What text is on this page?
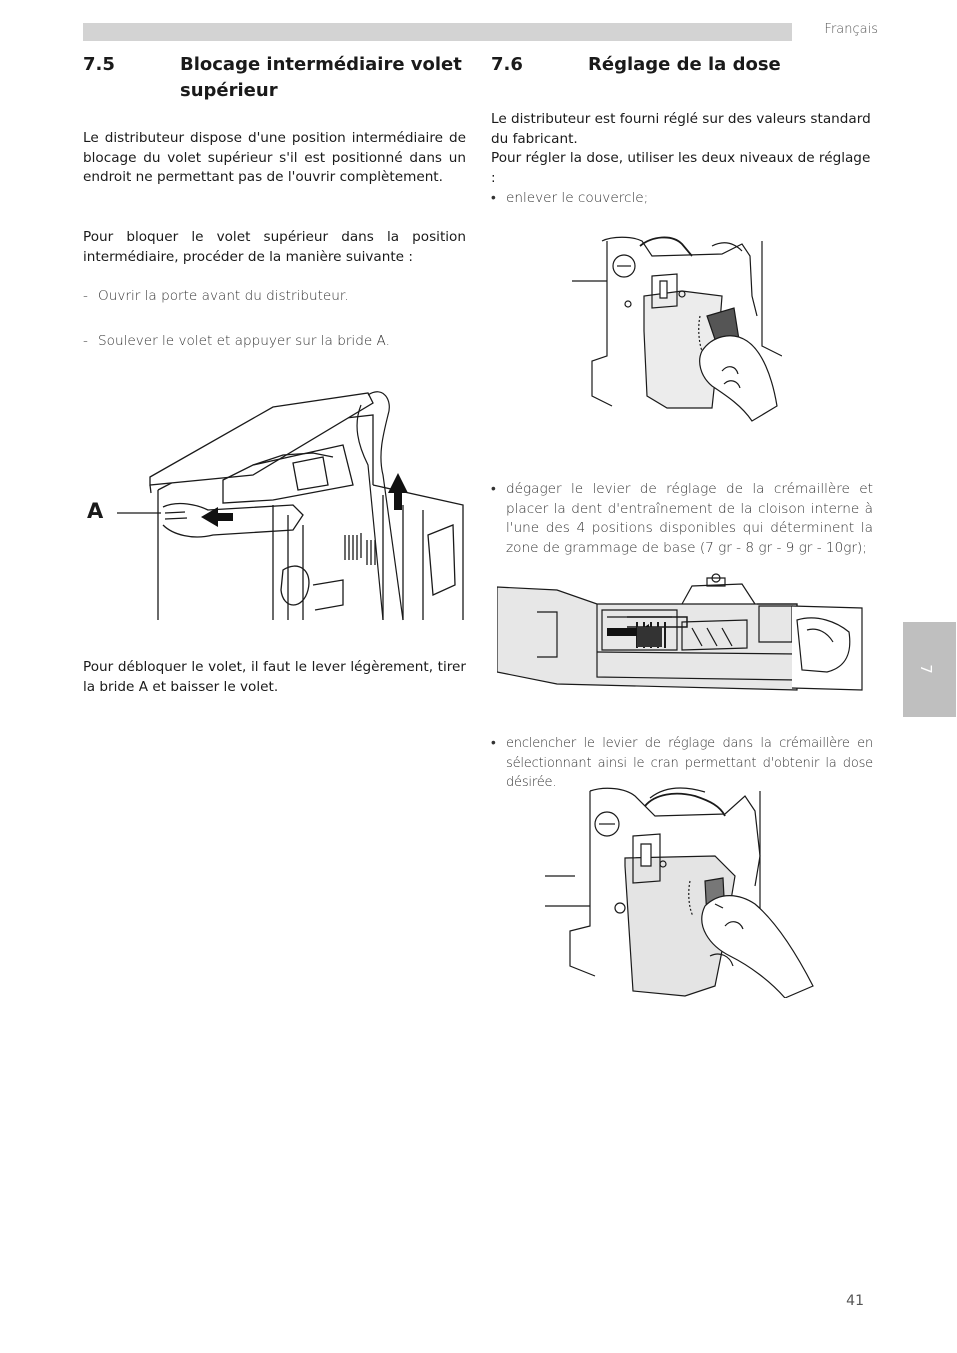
Français
7.5	Blocage intermédiaire volet
supérieur
Le distributeur dispose d'une position intermédiaire de blocage du volet supérieur s'il est positionné dans un endroit ne permettant pas de l'ouvrir complètement.
Pour bloquer le volet supérieur dans la position intermédiaire, procéder de la manière suivante :
- Ouvrir la porte avant du distributeur.
- Soulever le volet et appuyer sur la bride A.
A
Pour débloquer le volet, il faut le lever légèrement, tirer la bride A et baisser le volet.
7.6	Réglage de la dose
Le distributeur est fourni réglé sur des valeurs standard du fabricant.
Pour régler la dose, utiliser les deux niveaux de réglage :
• enlever le couvercle;
• dégager le levier de réglage de la crémaillère et placer la dent d'entraînement de la cloison interne à l'une des 4 positions disponibles qui déterminent la zone de grammage de base (7 gr - 8 gr - 9 gr - 10gr);
• enclencher le levier de réglage dans la crémaillère en sélectionnant ainsi le cran permettant d'obtenir la dose désirée.
7
41
